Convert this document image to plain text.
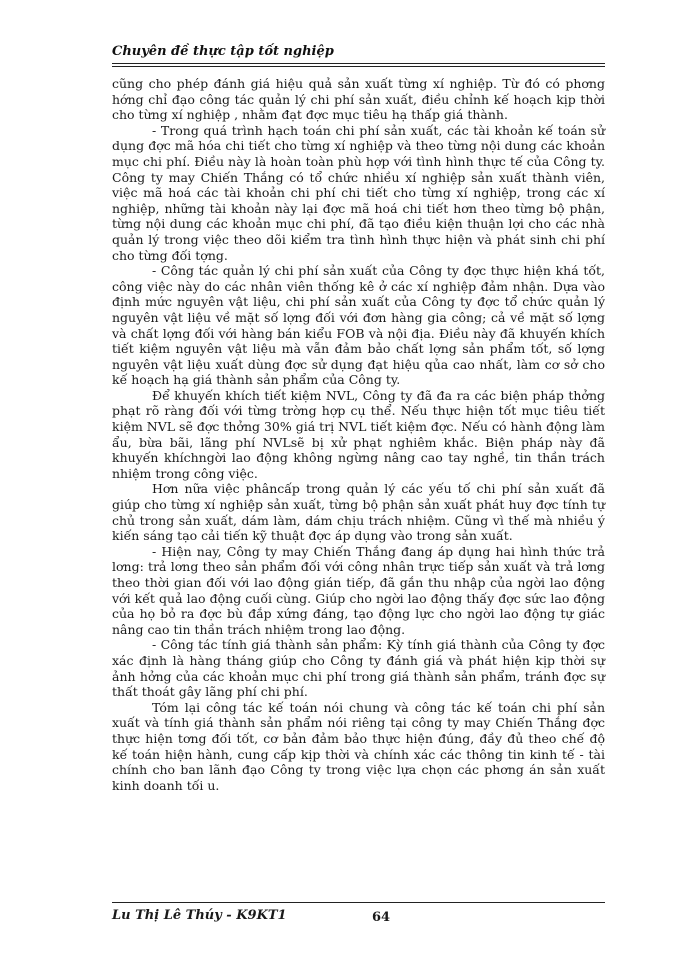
Chuyên đề thực tập tốt nghiệp

cũng cho phép đánh giá hiệu quả sản xuất từng xí nghiệp. Từ đó có phơng hớng chỉ đạo công tác quản lý chi phí sản xuất, điều chỉnh kế hoạch kịp thời cho từng xí nghiệp , nhằm đạt đợc mục tiêu hạ thấp giá thành.

- Trong quá trình hạch toán chi phí sản xuất, các tài khoản kế toán sử dụng đợc mã hóa chi tiết cho từng xí nghiệp và theo từng nội dung các khoản mục chi phí. Điều này là hoàn toàn phù hợp với tình hình thực tế của Công ty. Công ty may Chiến Thắng có tổ chức nhiều xí nghiệp sản xuất thành viên, việc mã hoá các tài khoản chi phí chi tiết cho từng xí nghiệp, trong các xí nghiệp, những tài khoản này lại đợc mã hoá chi tiết hơn theo từng bộ phận, từng nội dung các khoản mục chi phí, đã tạo điều kiện thuận lợi cho các nhà quản lý trong việc theo dõi kiểm tra tình hình thực hiện và phát sinh chi phí cho từng đối tợng.

- Công tác quản lý chi phí sản xuất của Công ty đợc thực hiện khá tốt, công việc này do các nhân viên thống kê ở các xí nghiệp đảm nhận. Dựa vào định mức nguyên vật liệu, chi phí sản xuất của Công ty đợc tổ chức quản lý nguyên vật liệu về mặt số lợng đối với đơn hàng gia công; cả về mặt số lợng và chất lợng đối với hàng bán kiểu FOB và nội địa. Điều này đã khuyến khích tiết kiệm nguyên vật liệu mà vẫn đảm bảo chất lợng sản phẩm tốt, số lợng nguyên vật liệu xuất dùng đợc sử dụng đạt hiệu qủa cao nhất, làm cơ sở cho kế hoạch hạ giá thành sản phẩm của Công ty.

Để khuyến khích tiết kiệm NVL, Công ty đã đa ra các biện pháp thởng phạt rõ ràng đối với từng trờng hợp cụ thể. Nếu thực hiện tốt mục tiêu tiết kiệm NVL sẽ đợc thởng 30% giá trị NVL tiết kiệm đợc. Nếu có hành động làm ẩu, bừa bãi, lãng phí NVLsẽ bị xử phạt nghiêm khắc. Biện pháp này đã khuyến khíchngời lao động không ngừng nâng cao tay nghề, tin thần trách nhiệm trong công việc.

Hơn nữa việc phâncấp trong quản lý các yếu tố chi phí sản xuất đã giúp cho từng xí nghiệp sản xuất, từng bộ phận sản xuất phát huy đợc tính tự chủ trong sản xuất, dám làm, dám chịu trách nhiệm. Cũng vì thế mà nhiều ý kiến sáng tạo cải tiến kỹ thuật đợc áp dụng vào trong sản xuất.

- Hiện nay, Công ty may Chiến Thắng đang áp dụng hai hình thức trả lơng: trả lơng theo sản phẩm đối với công nhân trực tiếp sản xuất và trả lơng theo thời gian đối với lao động gián tiếp, đã gắn thu nhập của ngời lao động với kết quả lao động cuối cùng. Giúp cho ngời lao động thấy đợc sức lao động của họ bỏ ra đợc bù đắp xứng đáng, tạo động lực cho ngời lao động tự giác nâng cao tin thần trách nhiệm trong lao động.

- Công tác tính giá thành sản phẩm: Kỳ tính giá thành của Công ty đợc xác định là hàng tháng giúp cho Công ty đánh giá và phát hiện kịp thời sự ảnh hởng của các khoản mục chi phí trong giá thành sản phẩm, tránh đợc sự thất thoát gây lãng phí chi phí.

Tóm lại công tác kế toán nói chung và công tác kế toán chi phí sản xuất và tính giá thành sản phẩm nói riêng tại công ty may Chiến Thắng đợc thực hiện tơng đối tốt, cơ bản đảm bảo thực hiện đúng, đầy đủ theo chế độ kế toán hiện hành, cung cấp kịp thời và chính xác các thông tin kinh tế - tài chính cho ban lãnh đạo Công ty trong việc lựa chọn các phơng án sản xuất kinh doanh tối u.

Lu Thị Lê Thúy - K9KT1	64
